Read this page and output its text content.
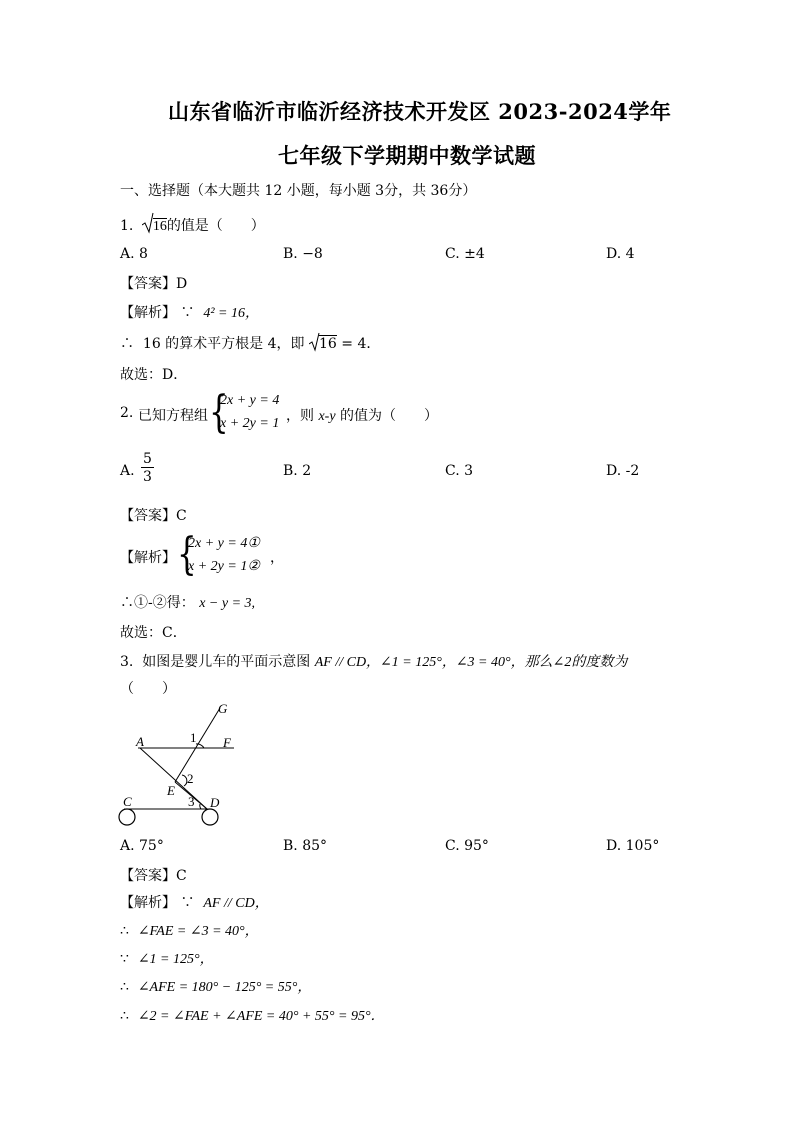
山东省临沂市临沂经济技术开发区 2023-2024学年
七年级下学期期中数学试题
一、选择题（本大题共 12 小题，每小题 3分，共 36分）
1. 16的值是（　　）
A. 8	B. −8	C. ±4	D. 4
【答案】D
【解析】 ∵ 4² = 16，
∴ 16 的算术平方根是 4，即 16 = 4．
故选：D．
2. 已知方程组 {
2x + y = 4
x + 2y = 1 ，则 x-y 的值为（　　）
A. $\frac{5}{3}$	B. 2	C. 3	D. -2
【答案】C
【解析】 {
2x + y = 4①
x + 2y = 1②
，
∴①-②得： x − y = 3,
故选：C．
3. 如图是婴儿车的平面示意图 AF // CD，∠1 = 125°，∠3 = 40°，那么∠2的度数为
（　　）
G
A	F
1
2
E
C	D
3
A. 75°	B. 85°	C. 95°	D. 105°
【答案】C
【解析】 ∵ AF // CD，
∴ ∠FAE = ∠3 = 40°，
∵ ∠1 = 125°，
∴ ∠AFE = 180° − 125° = 55°，
∴ ∠2 = ∠FAE + ∠AFE = 40° + 55° = 95°．
